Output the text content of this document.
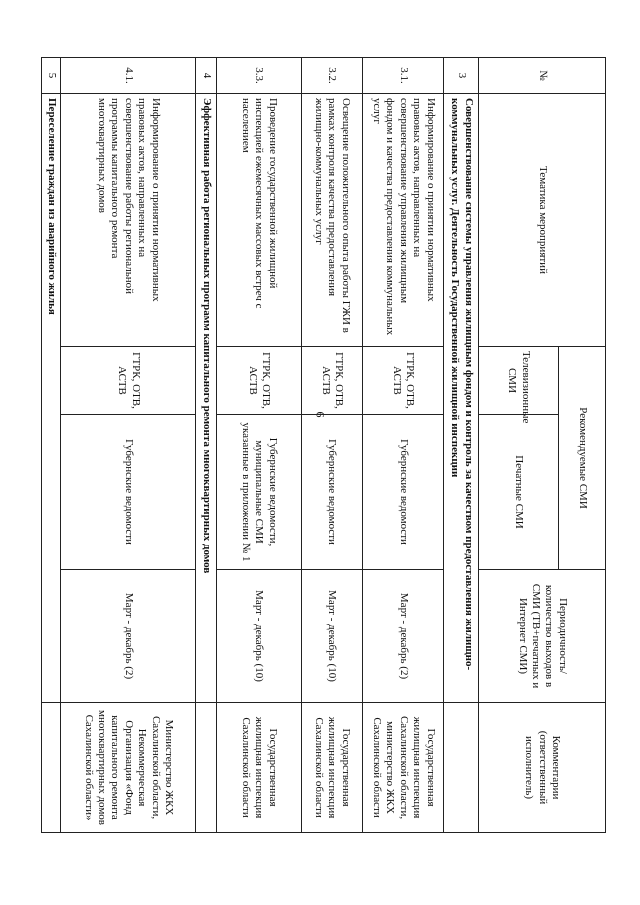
6
№	Тематика мероприятий	Рекомендуемые СМИ		Периодичность/количество выходов в СМИ (ТВ+печатных и Интернет СМИ)	Комментарии (ответственный исполнитель)
		Телевизионные СМИ	Печатные СМИ		
3	Совершенствование системы управления жилищным фондом и контроль за качеством предоставления жилищно-коммунальных услуг. Деятельность Государственной жилищной инспекции				
3.1.	Информирование о принятии нормативных правовых актов, направленных на совершенствование управления жилищным фондом и качества предоставления коммунальных услуг	ГТРК, ОТВ, АСТВ	Губернские ведомости	Март - декабрь (2)	Государственная жилищная инспекция Сахалинской области, министерство ЖКХ Сахалинской области
3.2.	Освещение положительного опыта работы ГЖИ в рамках контроля качества предоставления жилищно-коммунальных услуг	ГТРК, ОТВ, АСТВ	Губернские ведомости	Март - декабрь (10)	Государственная жилищная инспекция Сахалинской области
3.3.	Проведение государственной жилищной инспекцией ежемесячных массовых встреч с населением	ГТРК, ОТВ, АСТВ	Губернские ведомости, муниципальные СМИ указанные в приложении № 1	Март - декабрь (10)	Государственная жилищная инспекция Сахалинской области
4	Эффективная работа региональных программ капитального ремонта многоквартирных домов				
4.1.	Информирование о принятии нормативных правовых актов, направленных на совершенствование работы региональной программы капитального ремонта многоквартирных домов	ГТРК, ОТВ, АСТВ	Губернские ведомости	Март - декабрь (2)	Министерство ЖКХ Сахалинской области, Некоммерческая Организация «Фонд капитального ремонта многоквартирных домов Сахалинской области»
5	Переселение граждан из аварийного жилья				
